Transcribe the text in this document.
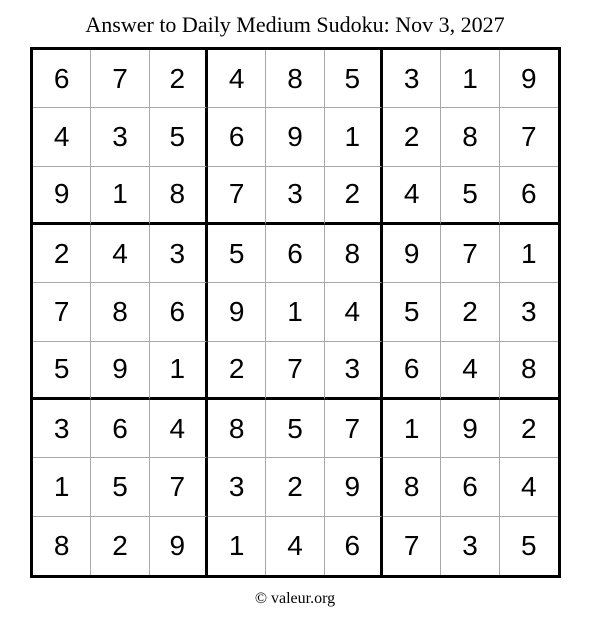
Answer to Daily Medium Sudoku: Nov 3, 2027
6	7	2	4	8	5	3	1	9
4	3	5	6	9	1	2	8	7
9	1	8	7	3	2	4	5	6
2	4	3	5	6	8	9	7	1
7	8	6	9	1	4	5	2	3
5	9	1	2	7	3	6	4	8
3	6	4	8	5	7	1	9	2
1	5	7	3	2	9	8	6	4
8	2	9	1	4	6	7	3	5
© valeur.org
